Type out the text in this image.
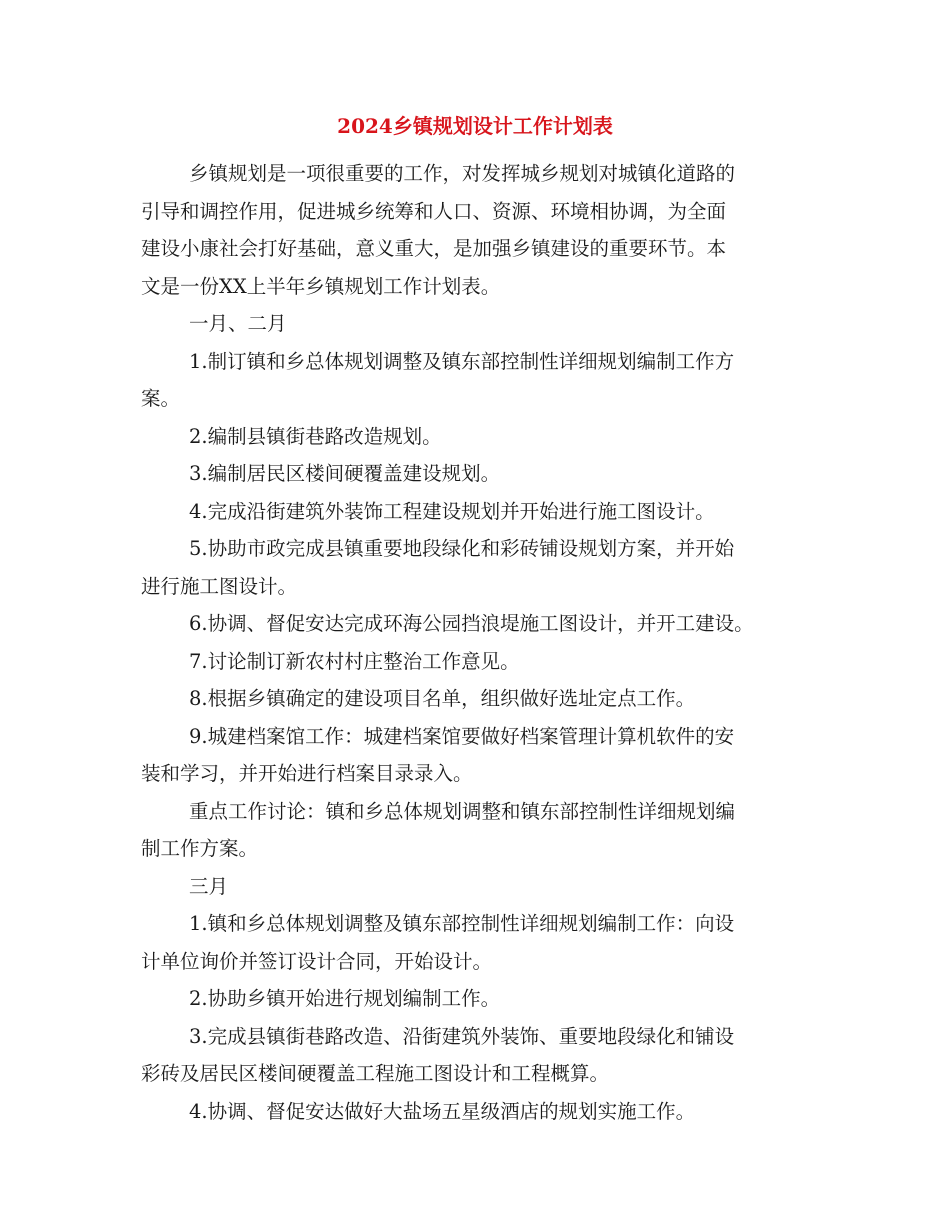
2024乡镇规划设计工作计划表

乡镇规划是一项很重要的工作，对发挥城乡规划对城镇化道路的

引导和调控作用，促进城乡统筹和人口、资源、环境相协调，为全面

建设小康社会打好基础，意义重大，是加强乡镇建设的重要环节。本

文是一份XX上半年乡镇规划工作计划表。

一月、二月

1.制订镇和乡总体规划调整及镇东部控制性详细规划编制工作方

案。

2.编制县镇街巷路改造规划。

3.编制居民区楼间硬覆盖建设规划。

4.完成沿街建筑外装饰工程建设规划并开始进行施工图设计。

5.协助市政完成县镇重要地段绿化和彩砖铺设规划方案，并开始

进行施工图设计。

6.协调、督促安达完成环海公园挡浪堤施工图设计，并开工建设。

7.讨论制订新农村村庄整治工作意见。

8.根据乡镇确定的建设项目名单，组织做好选址定点工作。

9.城建档案馆工作：城建档案馆要做好档案管理计算机软件的安

装和学习，并开始进行档案目录录入。

重点工作讨论：镇和乡总体规划调整和镇东部控制性详细规划编

制工作方案。

三月

1.镇和乡总体规划调整及镇东部控制性详细规划编制工作：向设

计单位询价并签订设计合同，开始设计。

2.协助乡镇开始进行规划编制工作。

3.完成县镇街巷路改造、沿街建筑外装饰、重要地段绿化和铺设

彩砖及居民区楼间硬覆盖工程施工图设计和工程概算。

4.协调、督促安达做好大盐场五星级酒店的规划实施工作。
